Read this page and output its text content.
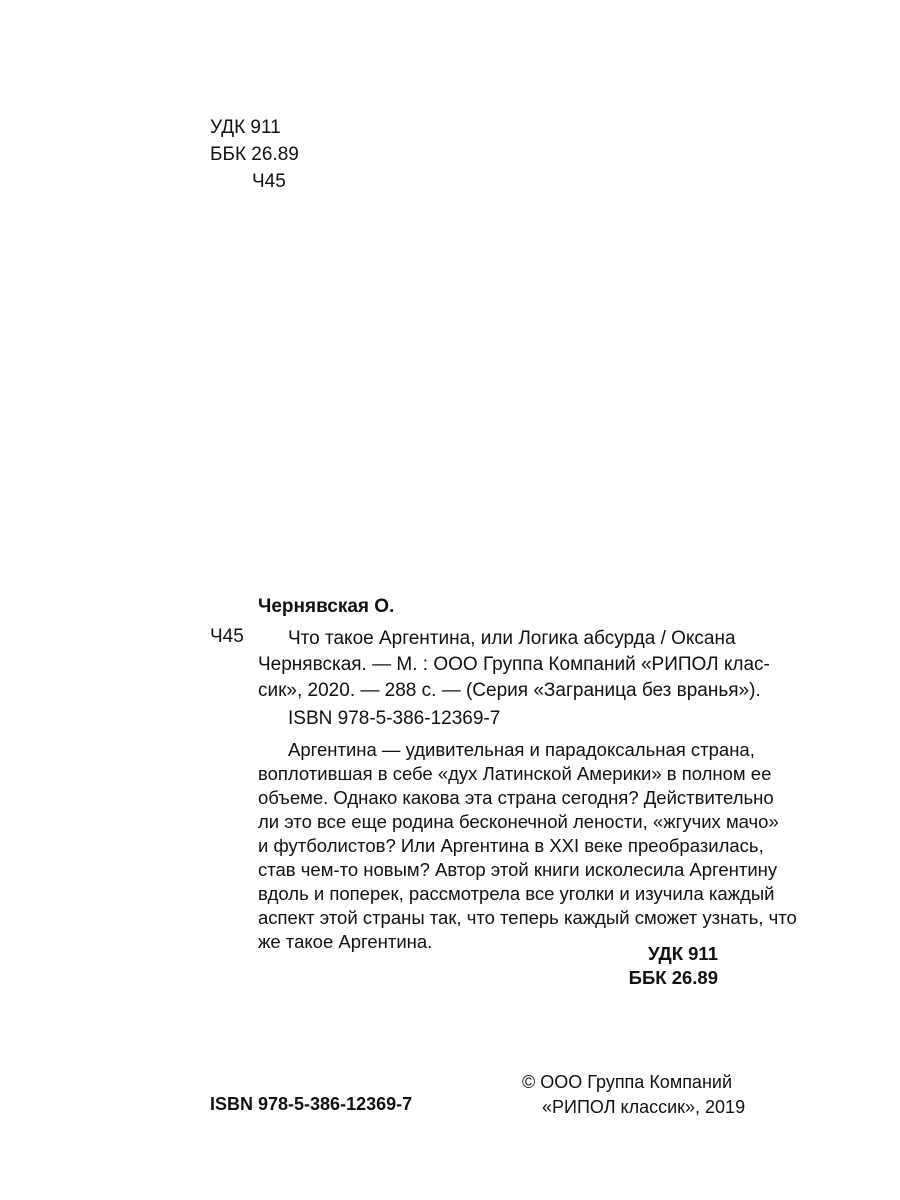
УДК 911
ББК 26.89
Ч45
Чернявская О.
Ч45 Что такое Аргентина, или Логика абсурда / Оксана
Чернявская. — М. : ООО Группа Компаний «РИПОЛ клас-
сик», 2020. — 288 с. — (Серия «Заграница без вранья»).
ISBN 978-5-386-12369-7
Аргентина — удивительная и парадоксальная страна,
воплотившая в себе «дух Латинской Америки» в полном ее
объеме. Однако какова эта страна сегодня? Действительно
ли это все еще родина бесконечной лености, «жгучих мачо»
и футболистов? Или Аргентина в XXI веке преобразилась,
став чем-то новым? Автор этой книги исколесила Аргентину
вдоль и поперек, рассмотрела все уголки и изучила каждый
аспект этой страны так, что теперь каждый сможет узнать, что
же такое Аргентина.
УДК 911
ББК 26.89
ISBN 978-5-386-12369-7
© ООО Группа Компаний
«РИПОЛ классик», 2019
